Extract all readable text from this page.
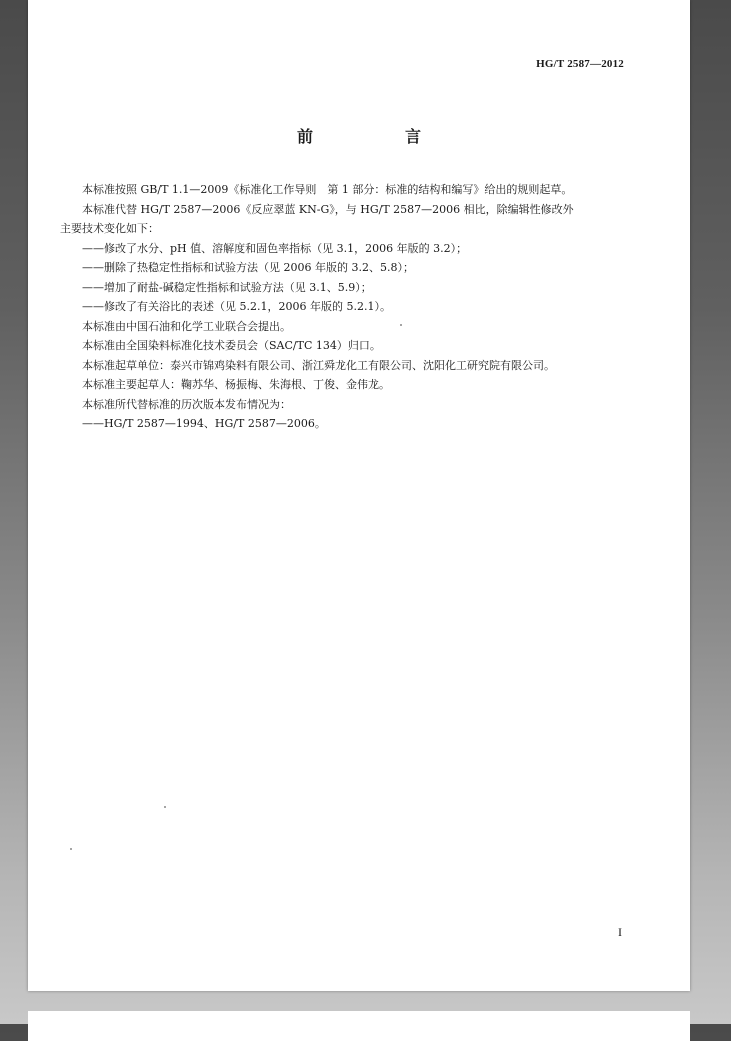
HG/T 2587—2012
前　言

本标准按照 GB/T 1.1—2009《标准化工作导则　第 1 部分：标准的结构和编写》给出的规则起草。

本标准代替 HG/T 2587—2006《反应翠蓝 KN-G》，与 HG/T 2587—2006 相比，除编辑性修改外

主要技术变化如下：

——修改了水分、pH 值、溶解度和固色率指标（见 3.1，2006 年版的 3.2）；

——删除了热稳定性指标和试验方法（见 2006 年版的 3.2、5.8）；

——增加了耐盐-碱稳定性指标和试验方法（见 3.1、5.9）；

——修改了有关浴比的表述（见 5.2.1，2006 年版的 5.2.1）。

本标准由中国石油和化学工业联合会提出。

本标准由全国染料标准化技术委员会（SAC/TC 134）归口。

本标准起草单位：泰兴市锦鸡染料有限公司、浙江舜龙化工有限公司、沈阳化工研究院有限公司。

本标准主要起草人：鞠苏华、杨振梅、朱海根、丁俊、金伟龙。

本标准所代替标准的历次版本发布情况为：

——HG/T 2587—1994、HG/T 2587—2006。

I
